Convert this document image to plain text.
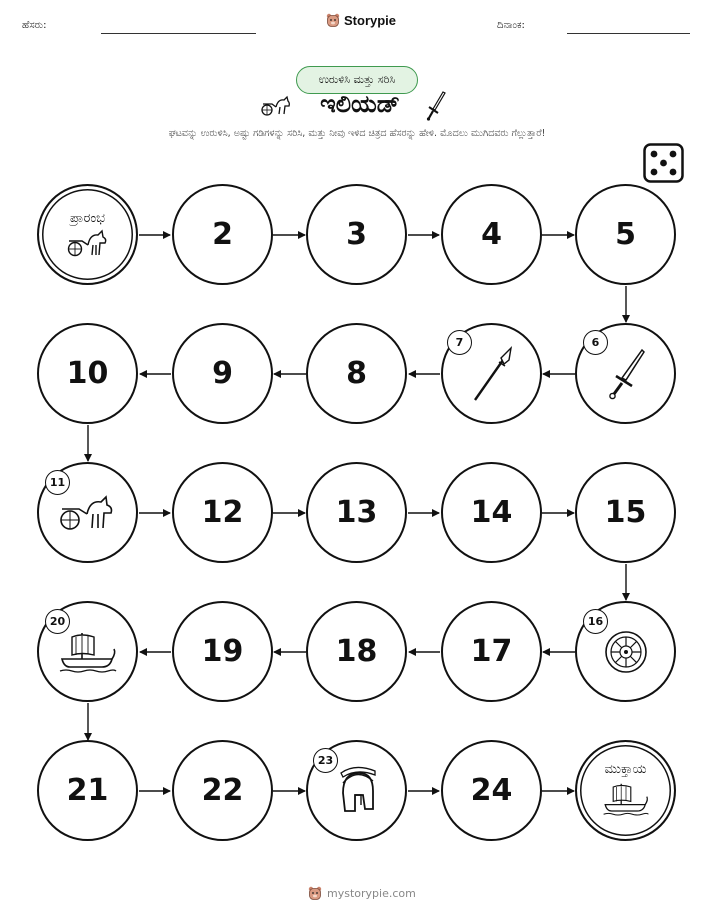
ಹೆಸರು:	Storypie	ದಿನಾಂಕ:
ಉರುಳಿಸಿ ಮತ್ತು ಸರಿಸಿ
ಇಲಿಯಡ್
ಘಟವನ್ನು ಉರುಳಿಸಿ, ಅಷ್ಟು ಗಡಿಗಳನ್ನು ಸರಿಸಿ, ಮತ್ತು ನೀವು ಇಳಿದ ಚಿತ್ರದ ಹೆಸರನ್ನು ಹೇಳಿ. ಮೊದಲು ಮುಗಿದವರು ಗೆಲ್ಲುತ್ತಾರೆ!
ಪ್ರಾರಂಭ	2	3	4	5
10	9	8
7	6
11
12	13	14	15
20
19	18	17
16
21	22
23
24
ಮುಕ್ತಾಯ
mystorypie.com
